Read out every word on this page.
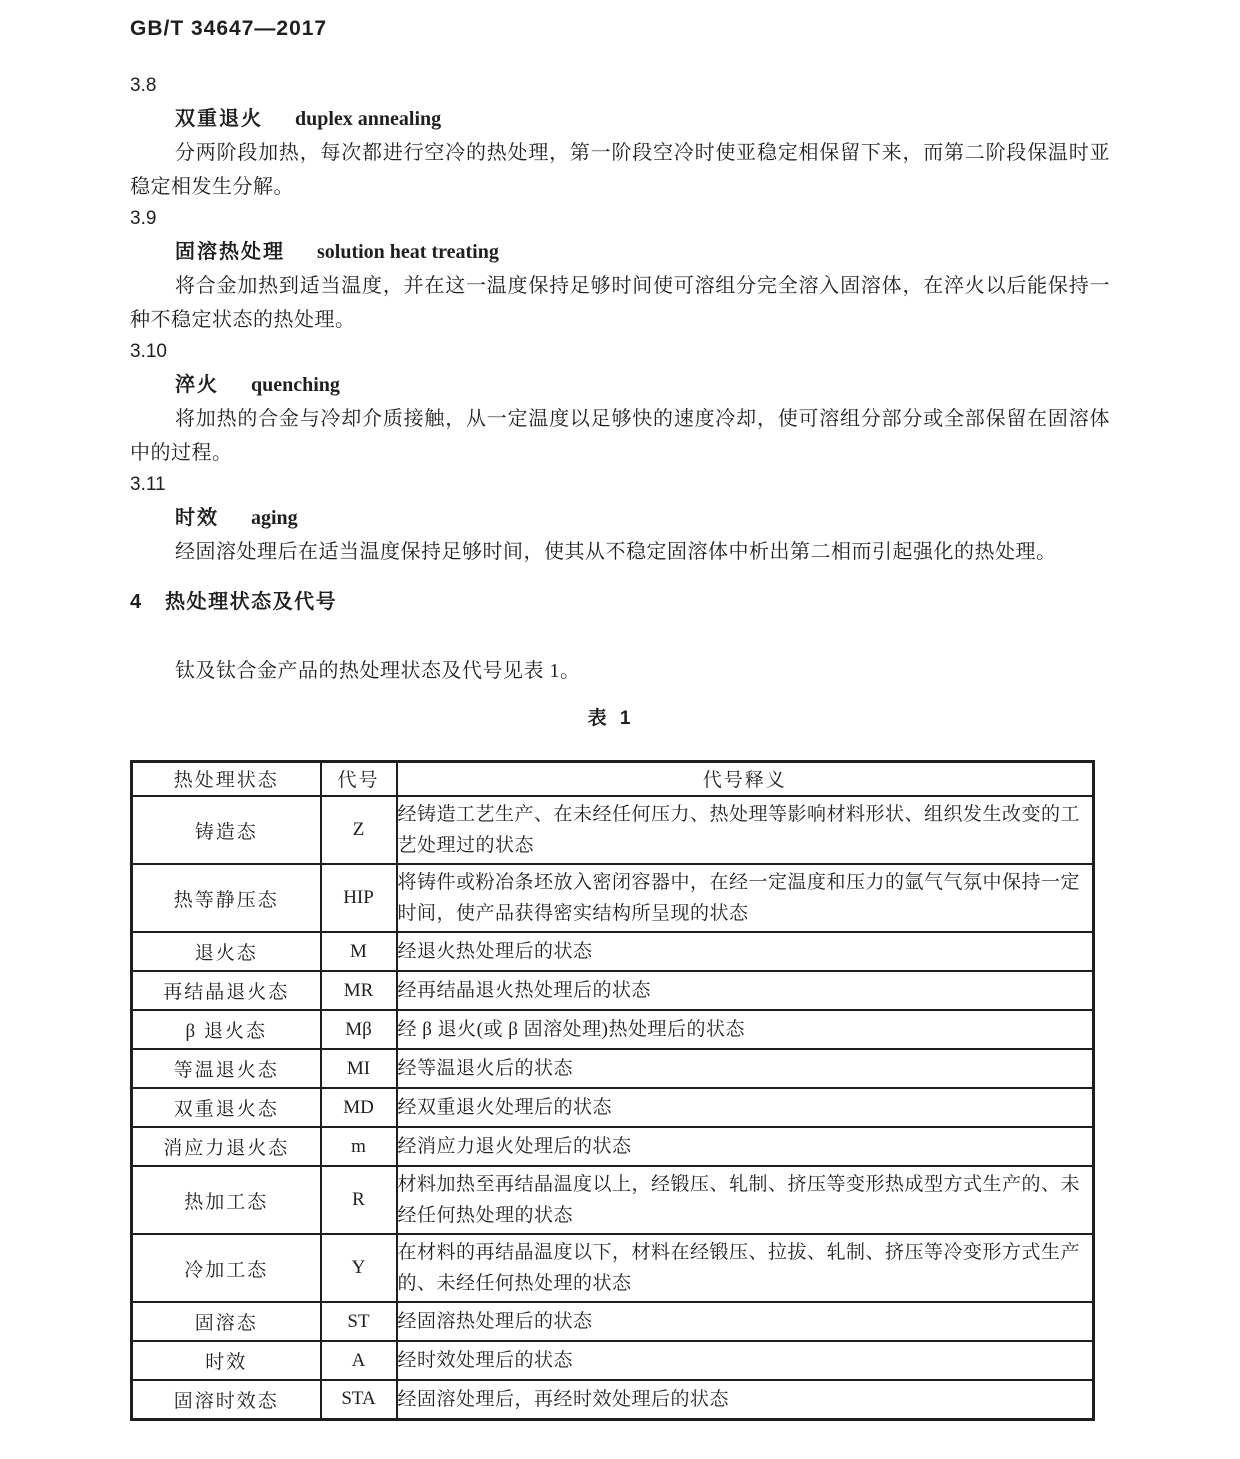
GB/T 34647—2017
3.8
双重退火 duplex annealing

分两阶段加热，每次都进行空冷的热处理，第一阶段空冷时使亚稳定相保留下来，而第二阶段保温时亚稳定相发生分解。

3.9
固溶热处理 solution heat treating

将合金加热到适当温度，并在这一温度保持足够时间使可溶组分完全溶入固溶体，在淬火以后能保持一种不稳定状态的热处理。

3.10
淬火 quenching

将加热的合金与冷却介质接触，从一定温度以足够快的速度冷却，使可溶组分部分或全部保留在固溶体中的过程。

3.11
时效 aging

经固溶处理后在适当温度保持足够时间，使其从不稳定固溶体中析出第二相而引起强化的热处理。

4 热处理状态及代号

钛及钛合金产品的热处理状态及代号见表 1。

表 1
热处理状态	代号	代号释义
铸造态	Z	经铸造工艺生产、在未经任何压力、热处理等影响材料形状、组织发生改变的工艺处理过的状态
热等静压态	HIP	将铸件或粉冶条坯放入密闭容器中，在经一定温度和压力的氩气气氛中保持一定时间，使产品获得密实结构所呈现的状态
退火态	M	经退火热处理后的状态
再结晶退火态	MR	经再结晶退火热处理后的状态
β 退火态	Mβ	经 β 退火(或 β 固溶处理)热处理后的状态
等温退火态	MI	经等温退火后的状态
双重退火态	MD	经双重退火处理后的状态
消应力退火态	m	经消应力退火处理后的状态
热加工态	R	材料加热至再结晶温度以上，经锻压、轧制、挤压等变形热成型方式生产的、未经任何热处理的状态
冷加工态	Y	在材料的再结晶温度以下，材料在经锻压、拉拔、轧制、挤压等冷变形方式生产的、未经任何热处理的状态
固溶态	ST	经固溶热处理后的状态
时效	A	经时效处理后的状态
固溶时效态	STA	经固溶处理后，再经时效处理后的状态
